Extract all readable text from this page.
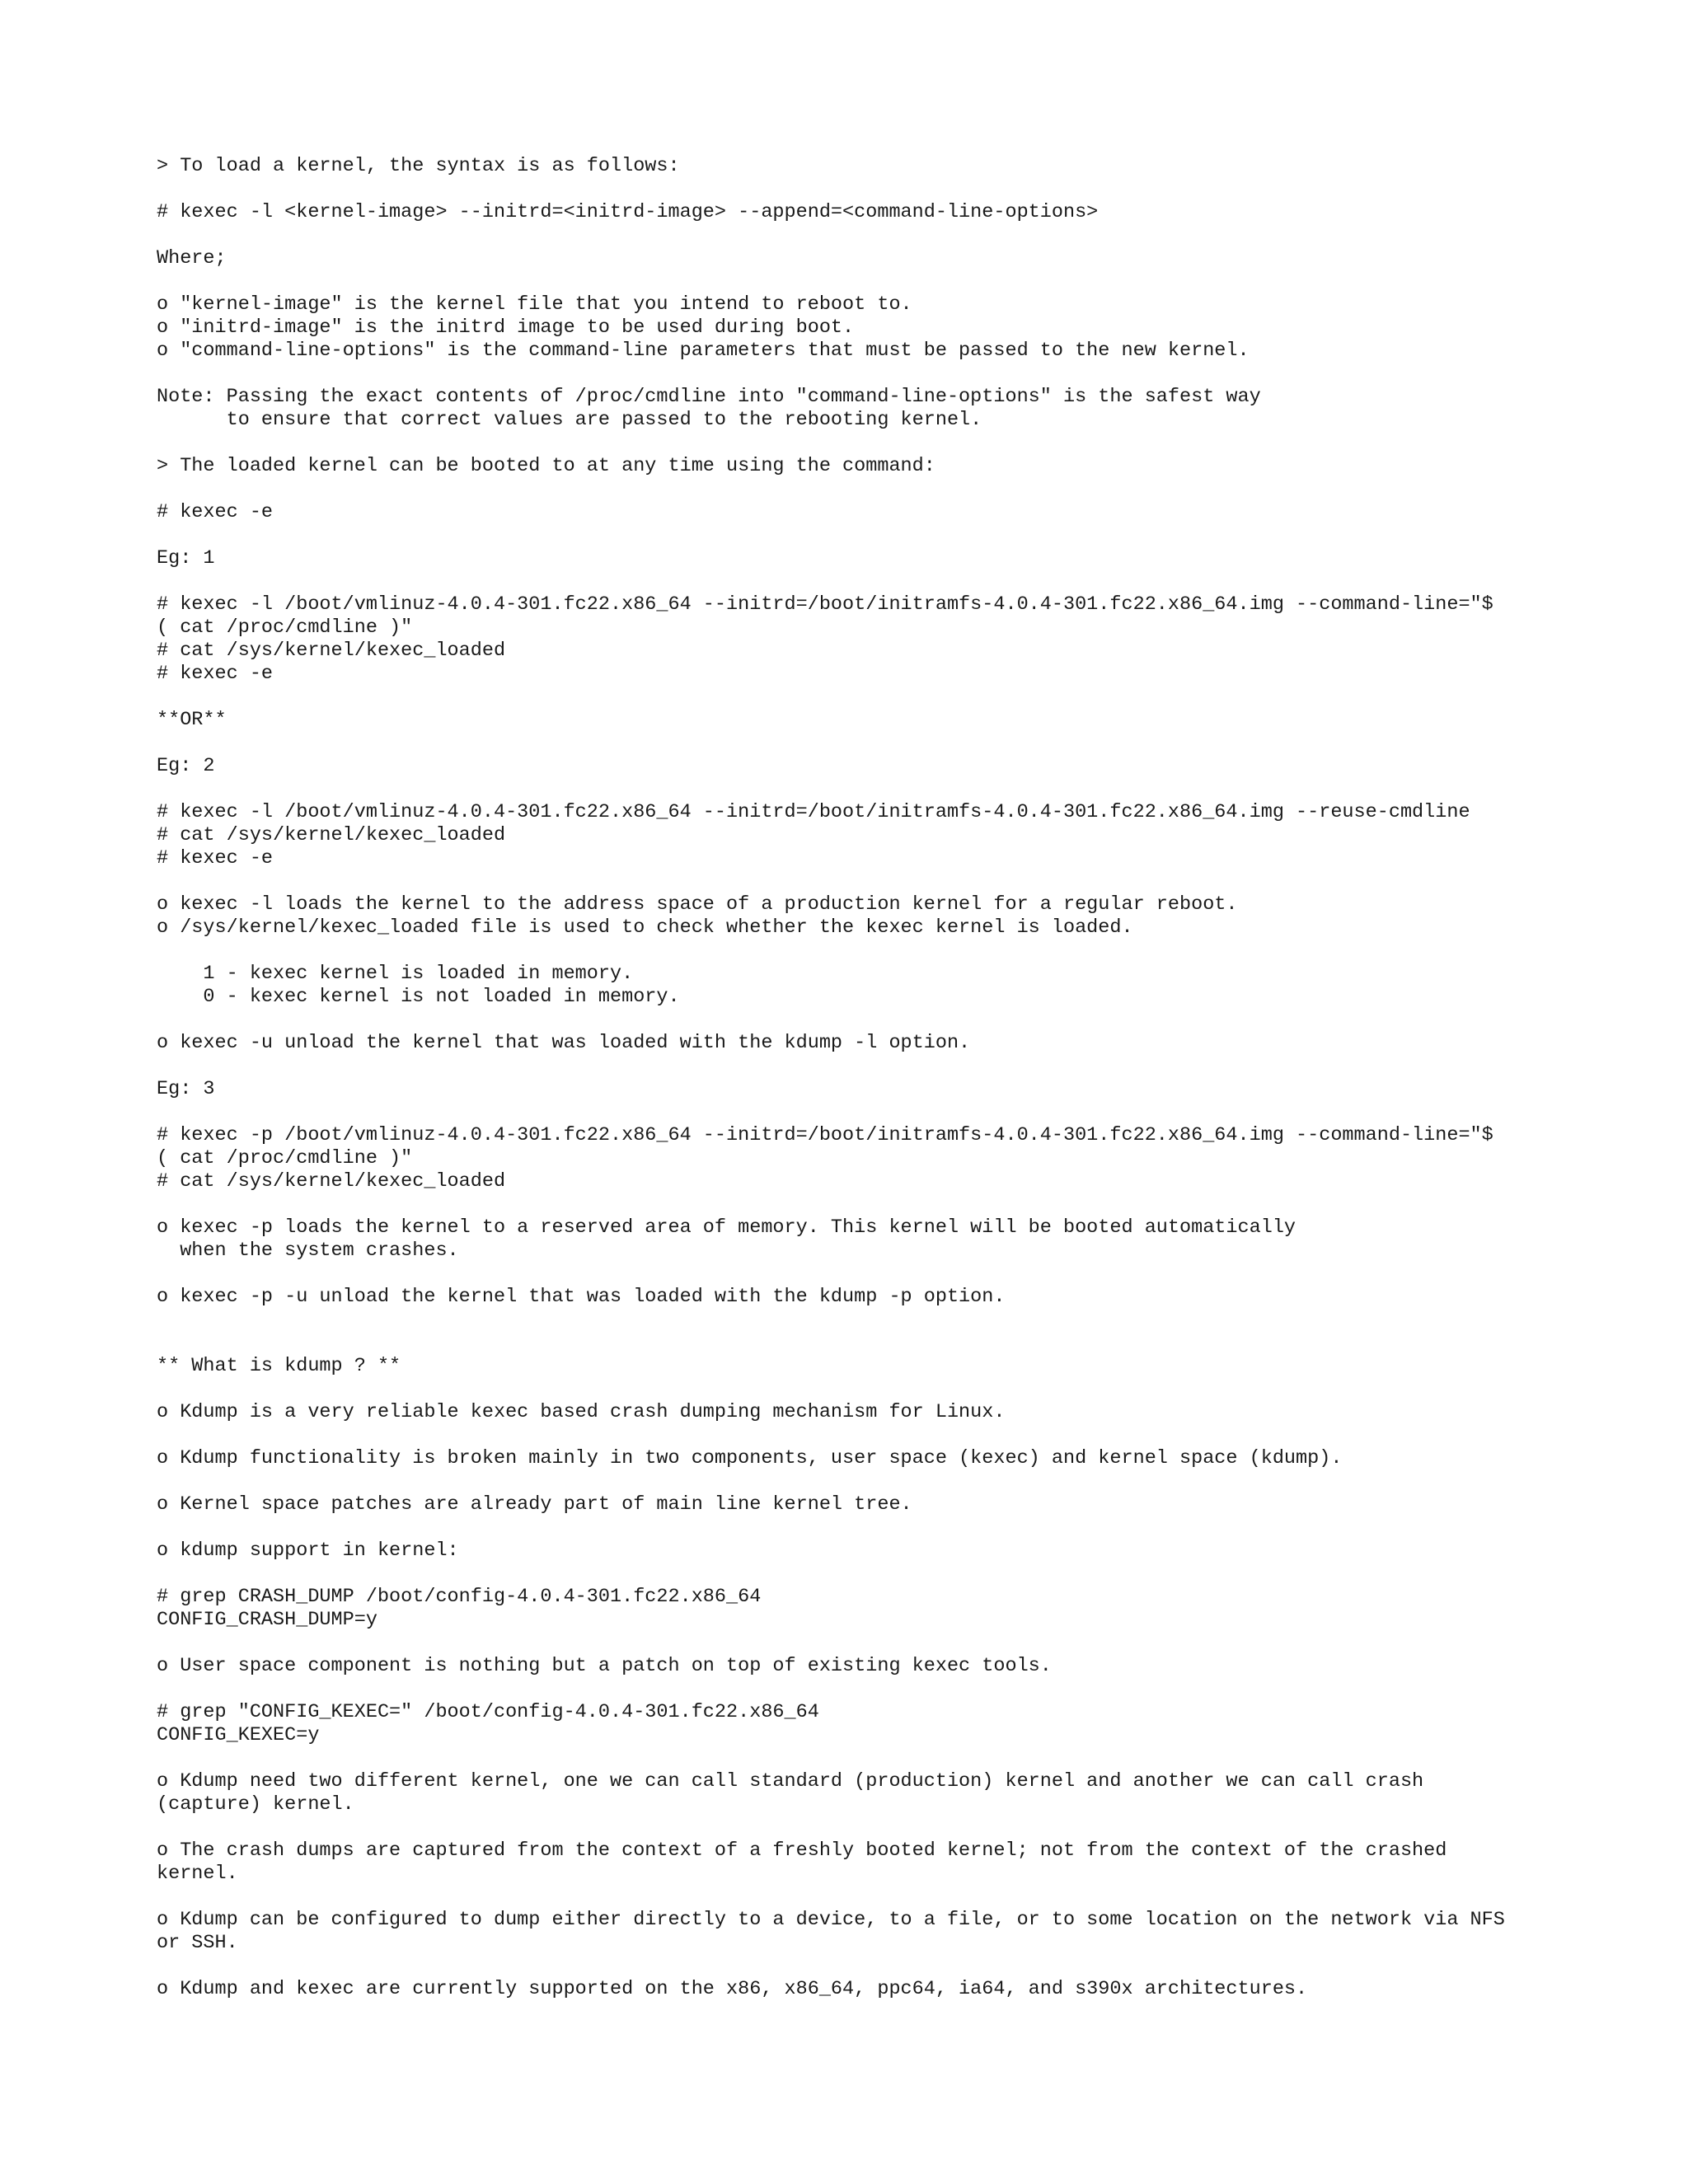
> To load a kernel, the syntax is as follows:
# kexec -l <kernel-image> --initrd=<initrd-image> --append=<command-line-options>
Where;
o "kernel-image" is the kernel file that you intend to reboot to.
o "initrd-image" is the initrd image to be used during boot.
o "command-line-options" is the command-line parameters that must be passed to the new kernel.
Note: Passing the exact contents of /proc/cmdline into "command-line-options" is the safest way
to ensure that correct values are passed to the rebooting kernel.
> The loaded kernel can be booted to at any time using the command:
# kexec -e
Eg: 1
# kexec -l /boot/vmlinuz-4.0.4-301.fc22.x86_64 --initrd=/boot/initramfs-4.0.4-301.fc22.x86_64.img --command-line="$
( cat /proc/cmdline )"
# cat /sys/kernel/kexec_loaded
# kexec -e
**OR**
Eg: 2
# kexec -l /boot/vmlinuz-4.0.4-301.fc22.x86_64 --initrd=/boot/initramfs-4.0.4-301.fc22.x86_64.img --reuse-cmdline
# cat /sys/kernel/kexec_loaded
# kexec -e
o kexec -l loads the kernel to the address space of a production kernel for a regular reboot.
o /sys/kernel/kexec_loaded file is used to check whether the kexec kernel is loaded.
1 - kexec kernel is loaded in memory.
0 - kexec kernel is not loaded in memory.
o kexec -u unload the kernel that was loaded with the kdump -l option.
Eg: 3
# kexec -p /boot/vmlinuz-4.0.4-301.fc22.x86_64 --initrd=/boot/initramfs-4.0.4-301.fc22.x86_64.img --command-line="$
( cat /proc/cmdline )"
# cat /sys/kernel/kexec_loaded
o kexec -p loads the kernel to a reserved area of memory. This kernel will be booted automatically
when the system crashes.
o kexec -p -u unload the kernel that was loaded with the kdump -p option.
** What is kdump ? **
o Kdump is a very reliable kexec based crash dumping mechanism for Linux.
o Kdump functionality is broken mainly in two components, user space (kexec) and kernel space (kdump).
o Kernel space patches are already part of main line kernel tree.
o kdump support in kernel:
# grep CRASH_DUMP /boot/config-4.0.4-301.fc22.x86_64
CONFIG_CRASH_DUMP=y
o User space component is nothing but a patch on top of existing kexec tools.
# grep "CONFIG_KEXEC=" /boot/config-4.0.4-301.fc22.x86_64
CONFIG_KEXEC=y
o Kdump need two different kernel, one we can call standard (production) kernel and another we can call crash
(capture) kernel.
o The crash dumps are captured from the context of a freshly booted kernel; not from the context of the crashed
kernel.
o Kdump can be configured to dump either directly to a device, to a file, or to some location on the network via NFS
or SSH.
o Kdump and kexec are currently supported on the x86, x86_64, ppc64, ia64, and s390x architectures.
